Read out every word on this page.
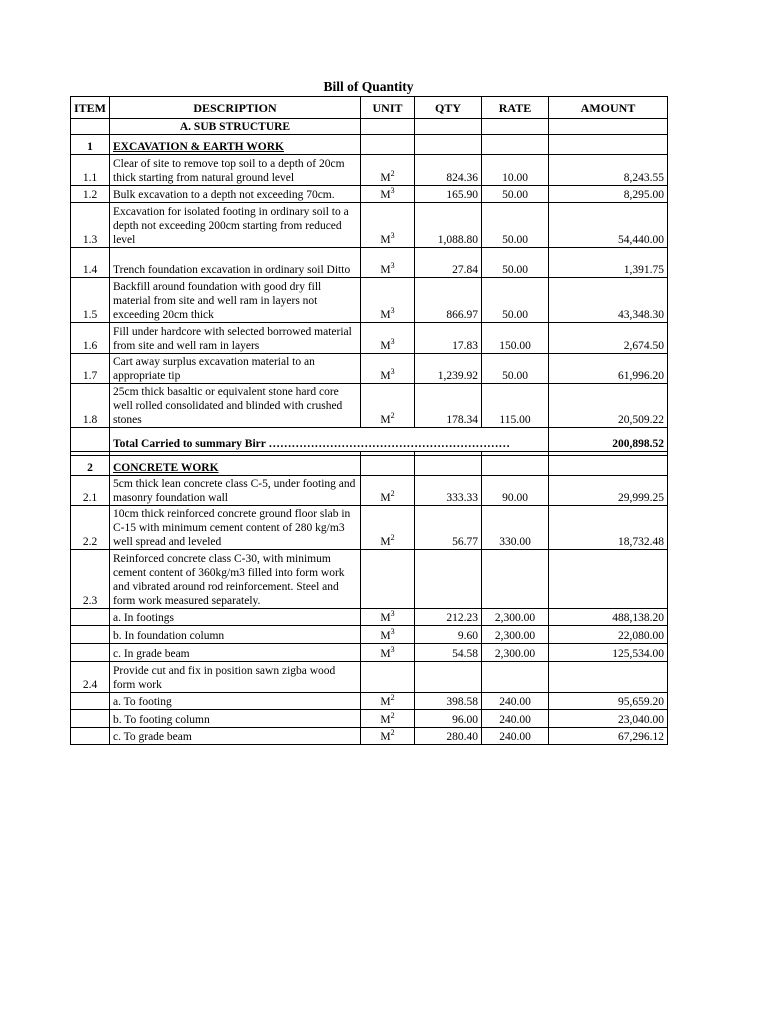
Bill of Quantity
ITEM	DESCRIPTION	UNIT	QTY	RATE	AMOUNT
	A. SUB STRUCTURE				
1	EXCAVATION & EARTH WORK				
1.1	Clear of site to remove top soil to a depth of 20cm thick starting from natural ground level	$M^2$	824.36	10.00	8,243.55
1.2	Bulk excavation to a depth not exceeding 70cm.	$M^3$	165.90	50.00	8,295.00
1.3	Excavation for isolated footing in ordinary soil to a depth not exceeding 200cm starting from reduced level	$M^3$	1,088.80	50.00	54,440.00
1.4	Trench foundation excavation in ordinary soil Ditto	$M^3$	27.84	50.00	1,391.75
1.5	Backfill around foundation with good dry fill material from site and well ram in layers not exceeding 20cm thick	$M^3$	866.97	50.00	43,348.30
1.6	Fill under hardcore with selected borrowed material from site and well ram in layers	$M^3$	17.83	150.00	2,674.50
1.7	Cart away surplus excavation material to an appropriate tip	$M^3$	1,239.92	50.00	61,996.20
1.8	25cm thick basaltic or equivalent stone hard core well rolled consolidated and blinded with crushed stones	$M^2$	178.34	115.00	20,509.22
	Total Carried to summary Birr ………………………………………………………				200,898.52

2	CONCRETE WORK				
2.1	5cm thick lean concrete class C-5, under footing and masonry foundation wall	$M^2$	333.33	90.00	29,999.25
2.2	10cm thick reinforced concrete ground floor slab in C-15 with minimum cement content of 280 kg/m3 well spread and leveled	$M^2$	56.77	330.00	18,732.48
2.3	Reinforced concrete class C-30, with minimum cement content of 360kg/m3 filled into form work and vibrated around rod reinforcement. Steel and form work measured separately.				
	a. In footings	$M^3$	212.23	2,300.00	488,138.20
	b. In foundation column	$M^3$	9.60	2,300.00	22,080.00
	c. In grade beam	$M^3$	54.58	2,300.00	125,534.00
2.4	Provide cut and fix in position sawn zigba wood form work				
	a. To footing	$M^2$	398.58	240.00	95,659.20
	b. To footing column	$M^2$	96.00	240.00	23,040.00
	c. To grade beam	$M^2$	280.40	240.00	67,296.12
